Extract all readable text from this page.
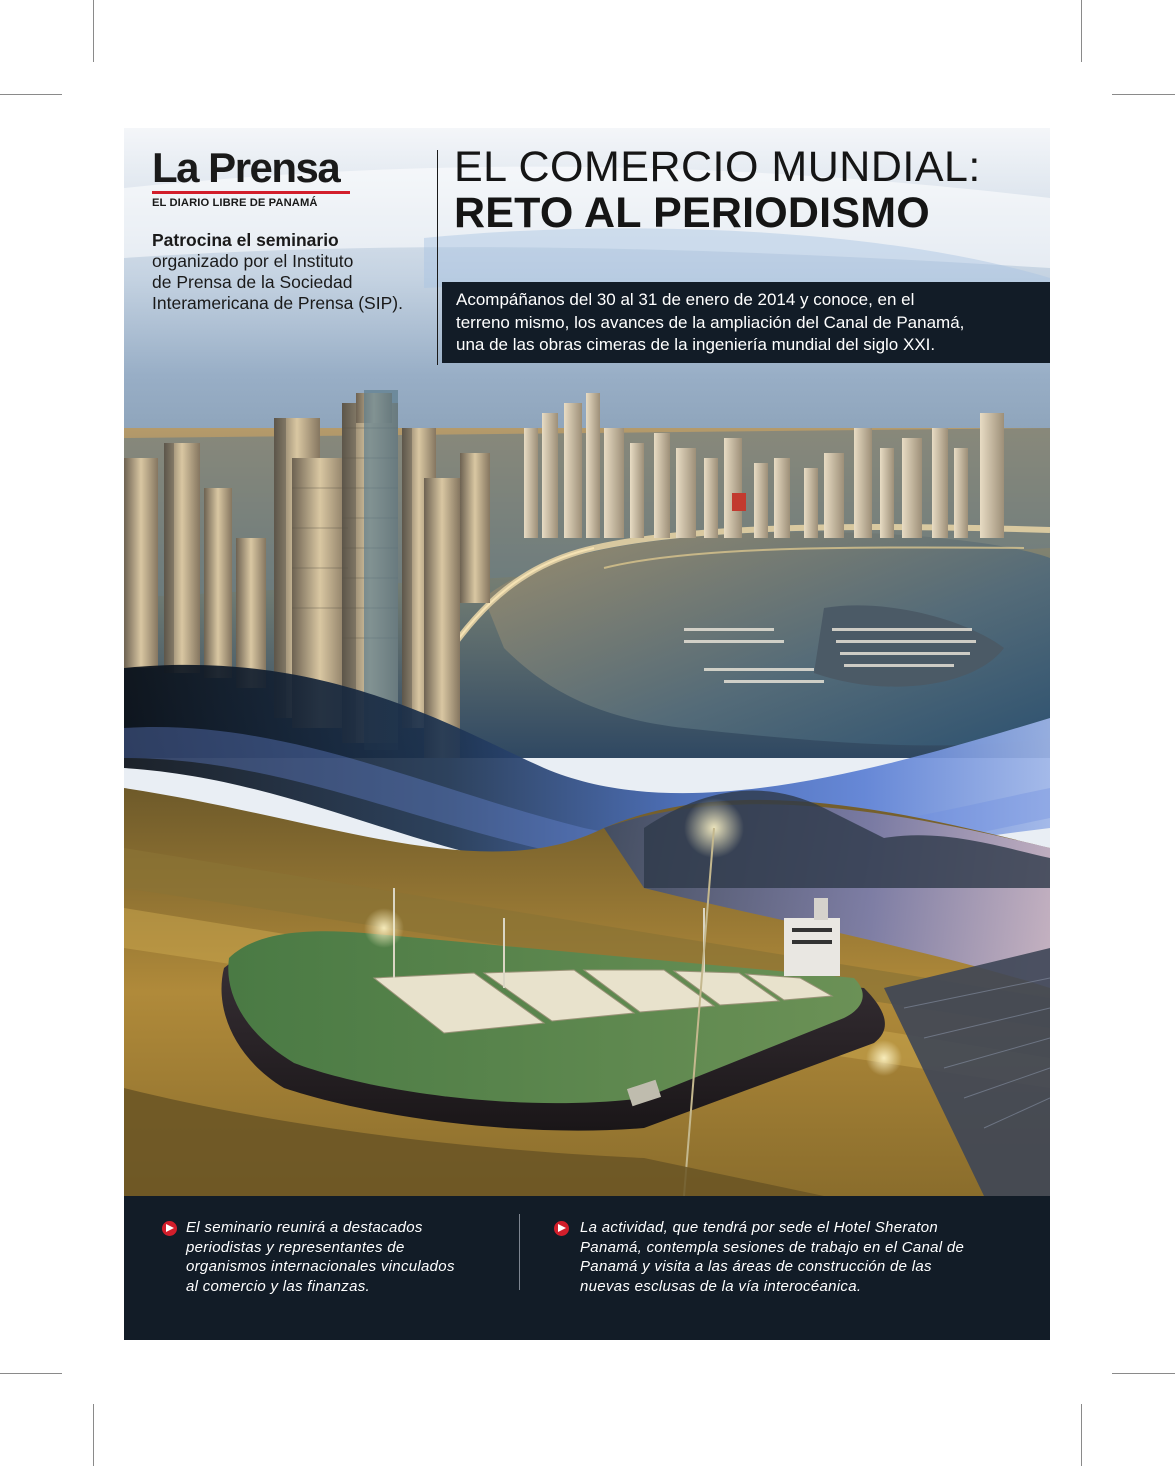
La Prensa
EL DIARIO LIBRE DE PANAMÁ
Patrocina el seminario
organizado por el Instituto
de Prensa de la Sociedad
Interamericana de Prensa (SIP).
EL COMERCIO MUNDIAL:
RETO AL PERIODISMO
Acompáñanos del 30 al 31 de enero de 2014 y conoce, en el
terreno mismo, los avances de la ampliación del Canal de Panamá,
una de las obras cimeras de la ingeniería mundial del siglo XXI.
El seminario reunirá a destacados
periodistas y representantes de
organismos internacionales vinculados
al comercio y las finanzas.
La actividad, que tendrá por sede el Hotel Sheraton
Panamá, contempla sesiones de trabajo en el Canal de
Panamá y visita a las áreas de construcción de las
nuevas esclusas de la vía interocéanica.
